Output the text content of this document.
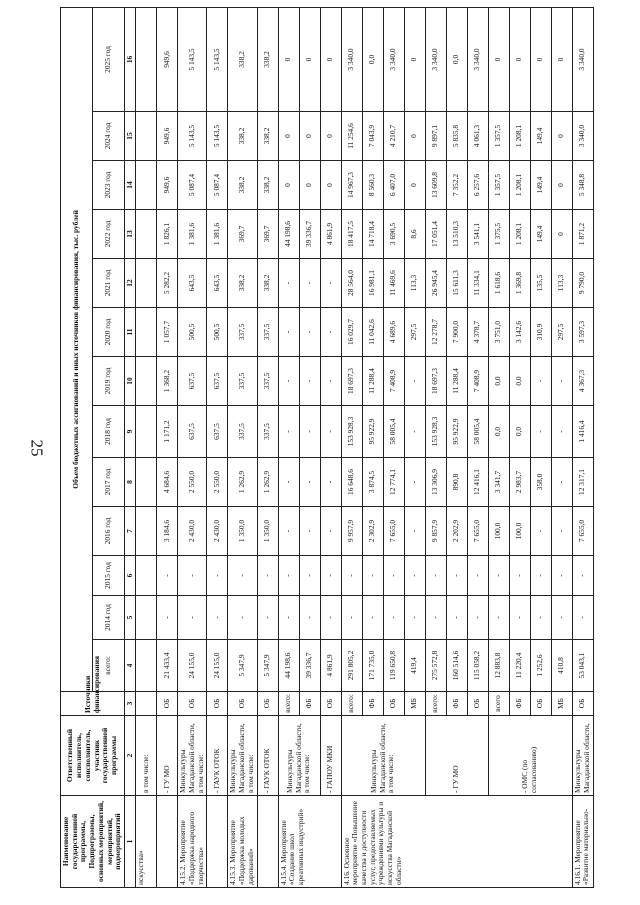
25
Наименование государственной программы, Подпрограммы, основных мероприятий, мероприятий, подмероприятий	Ответственный исполнитель, соисполнитель, участник государственной программы	Источники финансирования	Объем бюджетных ассигнований и иных источников финансирования, тыс. рублей												
			всего:	2014 год	2015 год	2016 год	2017 год	2018 год	2019 год	2020 год	2021 год	2022 год	2023 год	2024 год	2025 год
1	2	3	4	5	6	7	8	9	10	11	12	13	14	15	16
искусства»	в том числе:														
	- ГУ МО	ОБ	21 433,4	-	-	3 184,6	4 684,6	1 171,2	1 368,2	1 057,7	5 282,2	1 826,1	949,6	949,6	949,6
4.15.2. Мероприятие «Поддержка народного творчества»	Минкультуры Магаданской области, в том числе:	ОБ	24 155,0	-	-	2 430,0	2 550,0	637,5	637,5	500,5	643,5	1 381,6	5 087,4	5 143,5	5 143,5
	- ГАУК ОТОК	ОБ	24 155,0	-	-	2 430,0	2 550,0	637,5	637,5	500,5	643,5	1 381,6	5 087,4	5 143,5	5 143,5
4.15.3. Мероприятие «Поддержка молодых дарований»	Минкультуры Магаданской области, в том числе:	ОБ	5 347,9	-	-	1 350,0	1 262,9	337,5	337,5	337,5	338,2	369,7	338,2	338,2	338,2
	- ГАУК ОТОК	ОБ	5 347,9	-	-	1 350,0	1 262,9	337,5	337,5	337,5	338,2	369,7	338,2	338,2	338,2
4.15.4. Мероприятие «Создание школ креативных индустрий»	Минкультуры Магаданской области, в том числе:	всего:	44 198,6	-	-	-	-	-	-	-	-	44 198,6	0	0	0
		ФБ	39 336,7	-	-	-	-	-	-	-	-	39 336,7	0	0	0
	- ГАПОУ МКИ	ОБ	4 861,9	-	-	-	-	-	-	-	-	4 861,9	0	0	0
4.16. Основное мероприятие «Повышение качества и доступности услуг, предоставляемых учреждениями культуры и искусства Магаданской области»	Минкультуры Магаданской области, в том числе:	всего:	291 805,2	-	-	9 957,9	16 648,6	153 928,3	18 697,3	16 029,7	28 564,0	18 417,5	14 967,3	11 254,6	3 340,0
		ФБ	171 735,0	-	-	2 302,9	3 874,5	95 922,9	11 288,4	11 042,6	16 981,1	14 718,4	8 560,3	7 043,9	0,0
		ОБ	119 650,8	-	-	7 655,0	12 774,1	58 005,4	7 408,9	4 689,6	11 469,6	3 690,5	6 407,0	4 210,7	3 340,0
		МБ	419,4	-	-	-	-	-	-	297,5	113,3	8,6	0	0	0
	- ГУ МО	всего:	275 572,8	-	-	9 857,9	13 306,9	153 928,3	18 697,3	12 278,7	26 945,4	17 051,4	13 609,8	9 897,1	3 340,0
		ФБ	160 514,6	-	-	2 202,9	890,8	95 922,9	11 288,4	7 900,0	15 611,3	13 510,3	7 352,2	5 835,8	0,0
		ОБ	115 058,2	-	-	7 655,0	12 416,1	58 005,4	7 408,9	4 378,7	11 334,1	3 541,1	6 257,6	4 061,3	3 340,0
	- ОМС (по согласованию)	всего	12 883,8	-	-	100,0	3 341,7	0,0	0,0	3 751,0	1 618,6	1 375,5	1 357,5	1 357,5	0
		ФБ	11 220,4	-	-	100,0	2 983,7	0,0	0,0	3 142,6	1 369,8	1 208,1	1 208,1	1 208,1	0
		ОБ	1 252,6	-	-	-	358,0	-	-	310,9	135,5	149,4	149,4	149,4	0
		МБ	410,8	-	-	-	-	-	-	297,5	113,3	0	0	0	0
4.16.1. Мероприятие «Развитие материально-	Минкультуры Магаданской области,	ОБ	53 043,1	-	-	7 655,0	12 317,1	1 416,4	4 367,3	3 597,3	9 790,0	1 871,2	5 348,8	3 340,0	3 340,0
